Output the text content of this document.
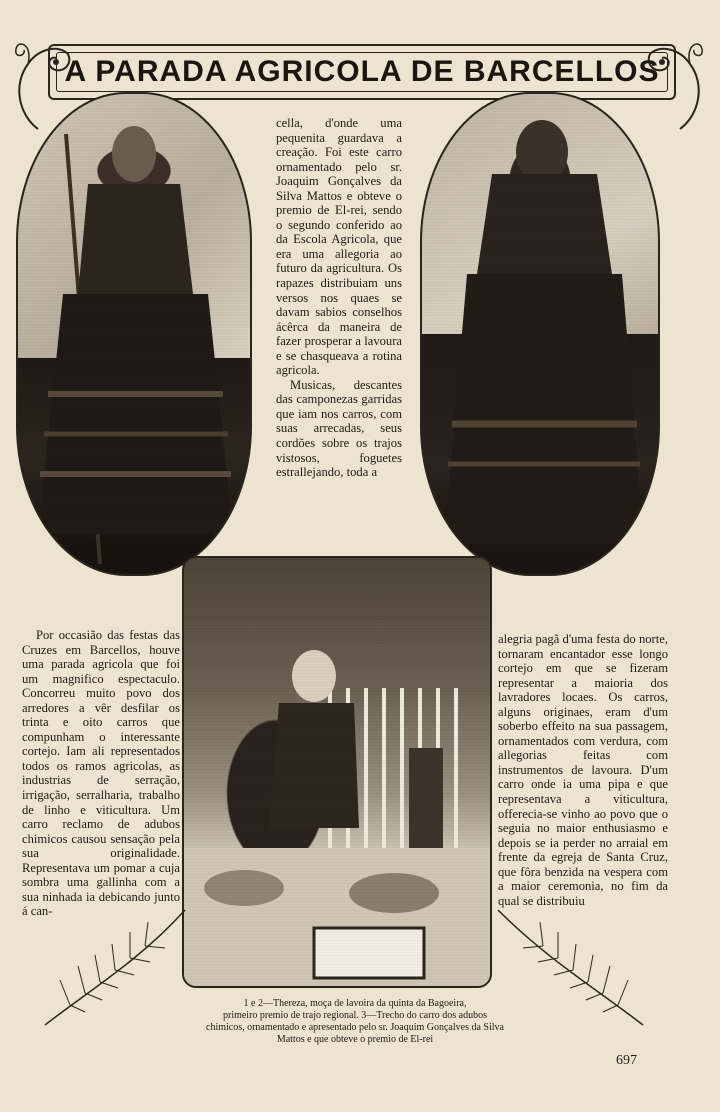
A PARADA AGRICOLA DE BARCELLOS

cella, d'onde uma pequenita guardava a creação. Foi este carro ornamentado pelo sr. Joaquim Gonçalves da Silva Mattos e obteve o premio de El-rei, sendo o segundo conferido ao da Escola Agricola, que era uma allegoria ao futuro da agricultura. Os rapazes distribuiam uns versos nos quaes se davam sabios conselhos ácêrca da maneira de fazer prosperar a lavoura e se chasqueava a rotina agricola.

Musicas, descantes das camponezas garridas que iam nos carros, com suas arrecadas, seus cordões sobre os trajos vistosos, foguetes estrallejando, toda a

Por occasião das festas das Cruzes em Barcellos, houve uma parada agricola que foi um magnifico espectaculo. Concorreu muito povo dos arredores a vêr desfilar os trinta e oito carros que compunham o interessante cortejo. Iam ali representados todos os ramos agricolas, as industrias de serração, irrigação, serralharia, trabalho de linho e viticultura. Um carro reclamo de adubos chimicos causou sensação pela sua originalidade. Representava um pomar a cuja sombra uma gallinha com a sua ninhada ia debicando junto á can-

alegria pagã d'uma festa do norte, tornaram encantador esse longo cortejo em que se fizeram representar a maioria dos lavradores locaes. Os carros, alguns originaes, eram d'um soberbo effeito na sua passagem, ornamentados com verdura, com allegorias feitas com instrumentos de lavoura. D'um carro onde ia uma pipa e que representava a viticultura, offerecia-se vinho ao povo que o seguia no maior enthusiasmo e depois se ia perder no arraial em frente da egreja de Santa Cruz, que fôra benzida na vespera com a maior ceremonia, no fim da qual se distribuiu

1 e 2—Thereza, moça de lavoira da quinta da Bagoeira,
primeiro premio de trajo regional. 3—Trecho do carro dos adubos
chimicos, ornamentado e apresentado pelo sr. Joaquim Gonçalves da Silva
Mattos e que obteve o premio de El-rei
697
